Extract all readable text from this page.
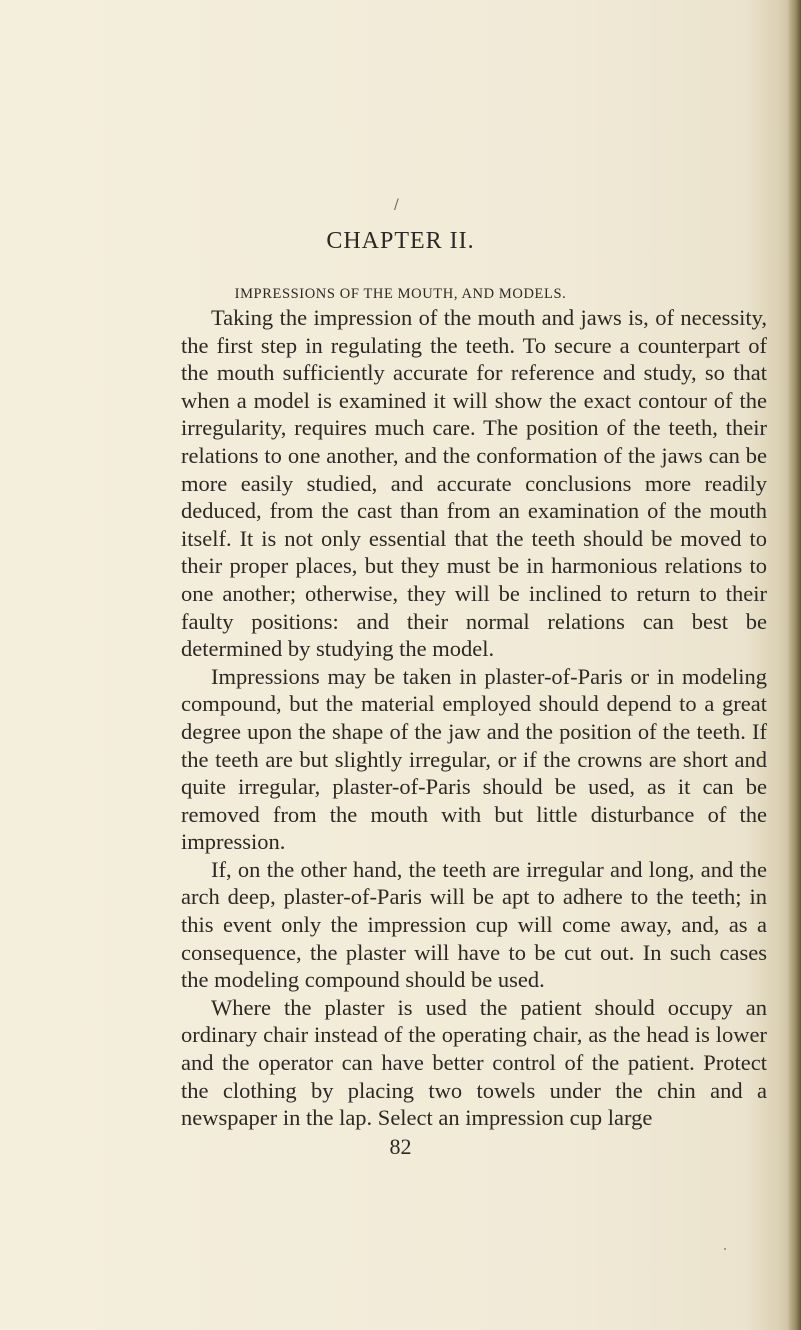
/
CHAPTER II.
IMPRESSIONS OF THE MOUTH, AND MODELS.

Taking the impression of the mouth and jaws is, of necessity, the first step in regulating the teeth. To secure a counterpart of the mouth sufficiently accurate for reference and study, so that when a model is examined it will show the exact contour of the irregularity, requires much care. The position of the teeth, their relations to one another, and the conformation of the jaws can be more easily studied, and accurate conclusions more readily deduced, from the cast than from an examination of the mouth itself. It is not only essential that the teeth should be moved to their proper places, but they must be in harmonious relations to one another; otherwise, they will be inclined to return to their faulty positions: and their normal relations can best be determined by studying the model.

Impressions may be taken in plaster-of-Paris or in modeling compound, but the material employed should depend to a great degree upon the shape of the jaw and the position of the teeth. If the teeth are but slightly irregular, or if the crowns are short and quite irregular, plaster-of-Paris should be used, as it can be removed from the mouth with but little disturbance of the impression.

If, on the other hand, the teeth are irregular and long, and the arch deep, plaster-of-Paris will be apt to adhere to the teeth; in this event only the impression cup will come away, and, as a consequence, the plaster will have to be cut out. In such cases the modeling compound should be used.

Where the plaster is used the patient should occupy an ordinary chair instead of the operating chair, as the head is lower and the operator can have better control of the patient. Protect the clothing by placing two towels under the chin and a newspaper in the lap. Select an impression cup large

82
